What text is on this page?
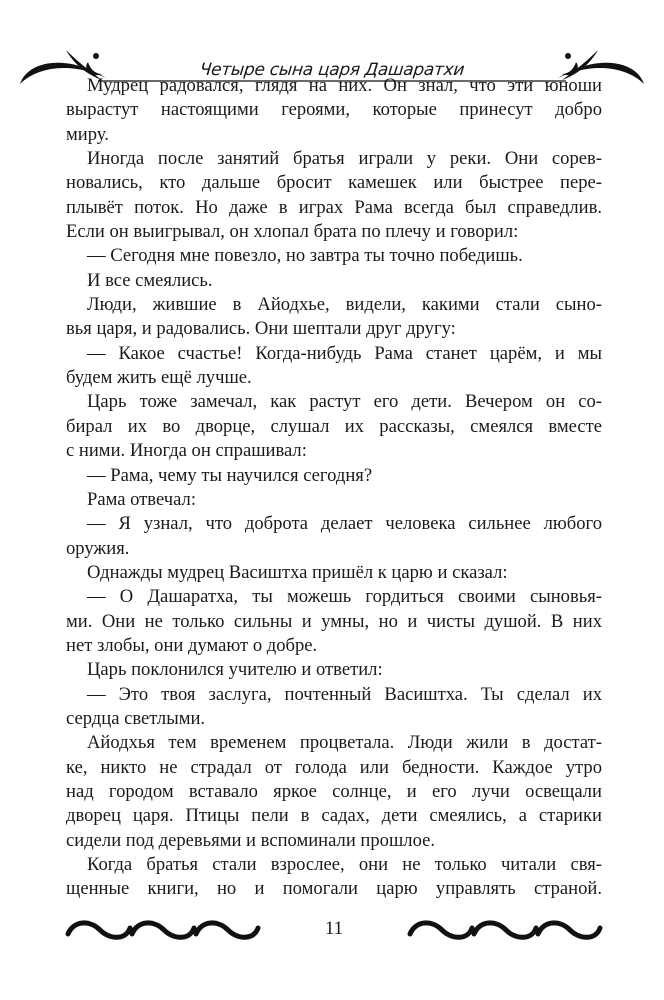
Четыре сына царя Дашаратхи
Мудрец радовался, глядя на них. Он знал, что эти юноши
вырастут настоящими героями, которые принесут добро
миру.
Иногда после занятий братья играли у реки. Они сорев-
новались, кто дальше бросит камешек или быстрее пере-
плывёт поток. Но даже в играх Рама всегда был справедлив.
Если он выигрывал, он хлопал брата по плечу и говорил:
— Сегодня мне повезло, но завтра ты точно победишь.
И все смеялись.
Люди, жившие в Айодхье, видели, какими стали сыно-
вья царя, и радовались. Они шептали друг другу:
— Какое счастье! Когда-нибудь Рама станет царём, и мы
будем жить ещё лучше.
Царь тоже замечал, как растут его дети. Вечером он со-
бирал их во дворце, слушал их рассказы, смеялся вместе
с ними. Иногда он спрашивал:
— Рама, чему ты научился сегодня?
Рама отвечал:
— Я узнал, что доброта делает человека сильнее любого
оружия.
Однажды мудрец Васиштха пришёл к царю и сказал:
— О Дашаратха, ты можешь гордиться своими сыновья-
ми. Они не только сильны и умны, но и чисты душой. В них
нет злобы, они думают о добре.
Царь поклонился учителю и ответил:
— Это твоя заслуга, почтенный Васиштха. Ты сделал их
сердца светлыми.
Айодхья тем временем процветала. Люди жили в достат-
ке, никто не страдал от голода или бедности. Каждое утро
над городом вставало яркое солнце, и его лучи освещали
дворец царя. Птицы пели в садах, дети смеялись, а старики
сидели под деревьями и вспоминали прошлое.
Когда братья стали взрослее, они не только читали свя-
щенные книги, но и помогали царю управлять страной.
11
